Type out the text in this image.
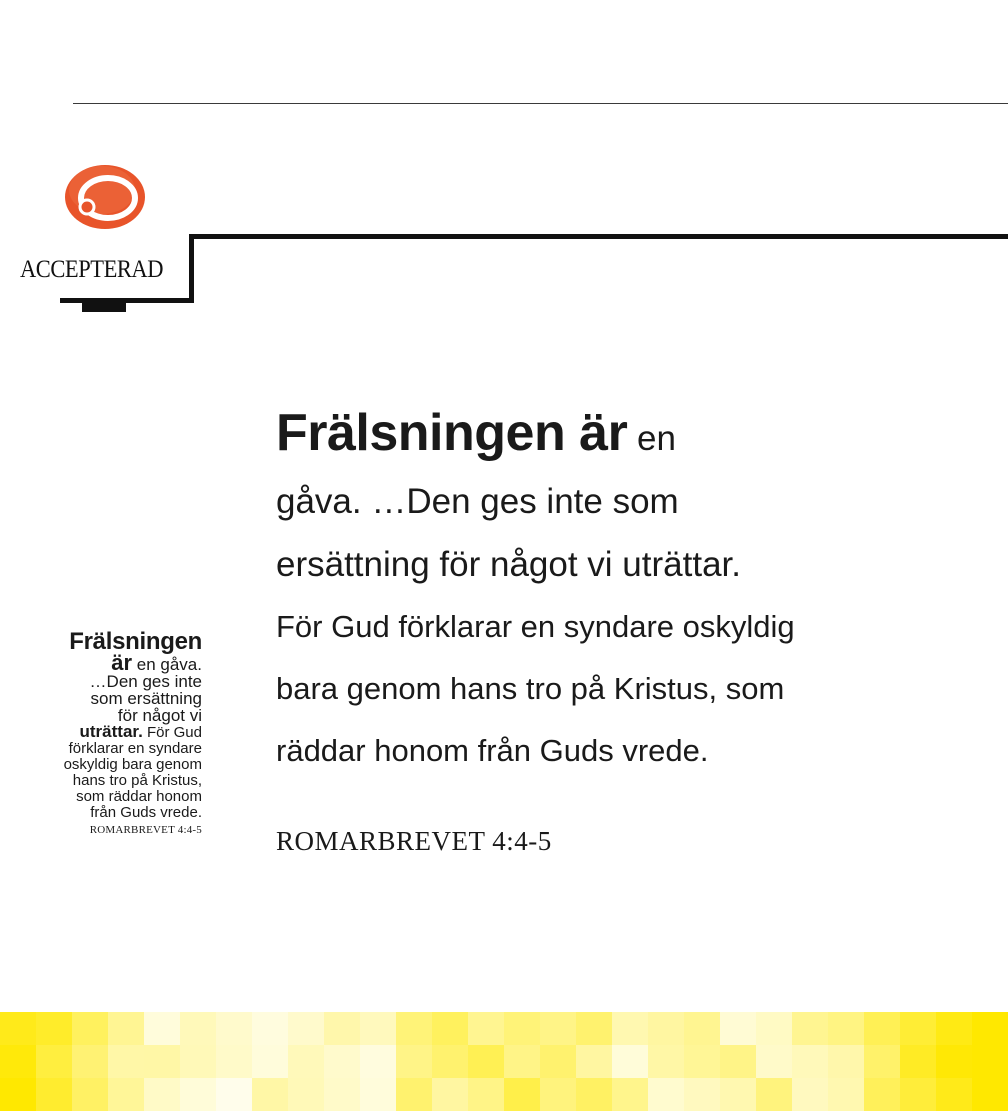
ACCEPTERAD
Frälsningen är en
gåva. …Den ges inte som
ersättning för något vi uträttar.
För Gud förklarar en syndare oskyldig
bara genom hans tro på Kristus, som
räddar honom från Guds vrede.
ROMARBREVET 4:4-5
Frälsningen
är en gåva.
…Den ges inte
som ersättning
för något vi
uträttar. För Gud
förklarar en syndare
oskyldig bara genom
hans tro på Kristus,
som räddar honom
från Guds vrede.
ROMARBREVET 4:4-5
